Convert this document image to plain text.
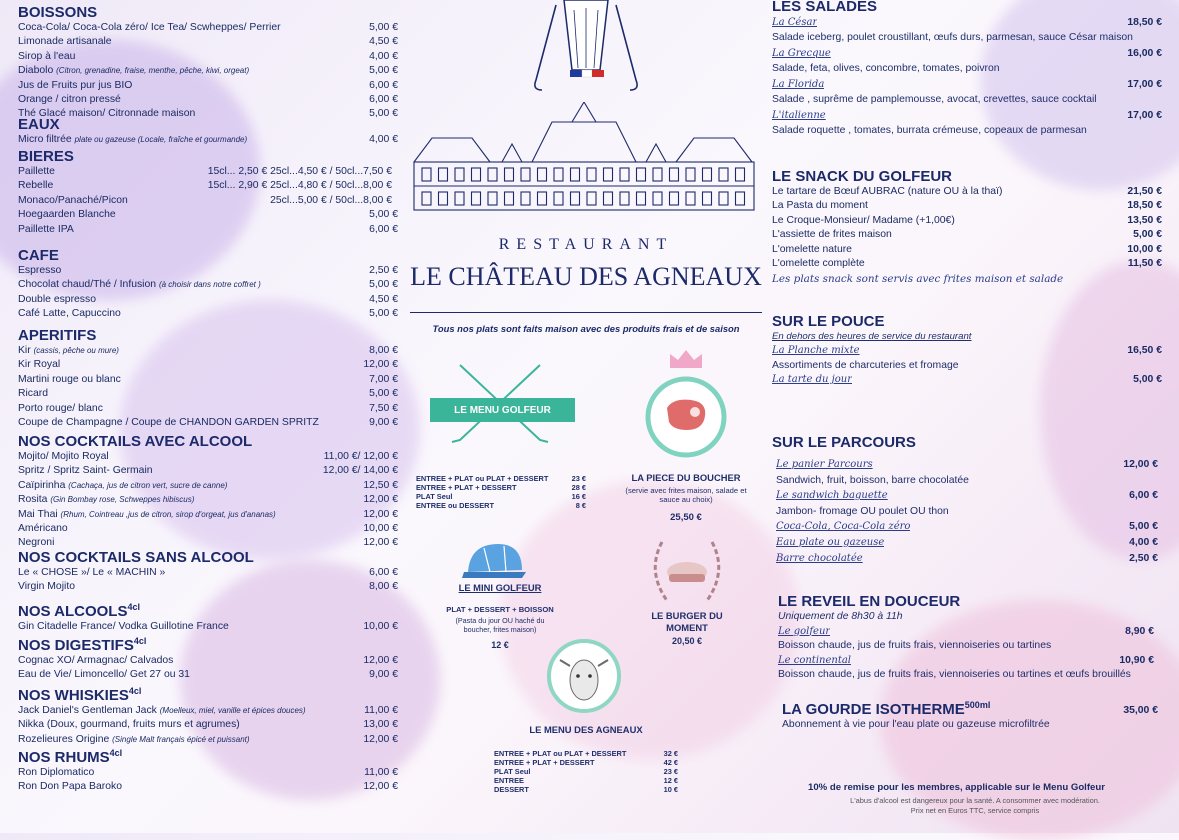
BOISSONS
Coca-Cola/ Coca-Cola zéro/ Ice Tea/ Scwheppes/ Perrier	5,00 €
Limonade artisanale	4,50 €
Sirop à l'eau	4,00 €
Diabolo (Citron, grenadine, fraise, menthe, pêche, kiwi, orgeat)	5,00 €
Jus de Fruits pur jus BIO	6,00 €
Orange / citron pressé	6,00 €
Thé Glacé maison/ Citronnade maison	5,00 €
EAUX
Micro filtrée plate ou gazeuse (Locale, fraîche et gourmande)	4,00 €
BIERES
Paillette	15cl... 2,50 € 25cl...4,50 € / 50cl...7,50 €
Rebelle	15cl... 2,90 € 25cl...4,80 € / 50cl...8,00 €
Monaco/Panaché/Picon	25cl...5,00 € / 50cl...8,00 €
Hoegaarden Blanche	5,00 €
Paillette IPA	6,00 €
CAFE
Espresso	2,50 €
Chocolat chaud/Thé / Infusion (à choisir dans notre coffret )	5,00 €
Double espresso	4,50 €
Café Latte, Capuccino	5,00 €
APERITIFS
Kir (cassis, pêche ou mure)	8,00 €
Kir Royal	12,00 €
Martini rouge ou blanc	7,00 €
Ricard	5,00 €
Porto rouge/ blanc	7,50 €
Coupe de Champagne / Coupe de CHANDON GARDEN SPRITZ	9,00 €
NOS COCKTAILS AVEC ALCOOL
Mojito/ Mojito Royal	11,00 €/ 12,00 €
Spritz / Spritz Saint- Germain	12,00 €/ 14,00 €
Caïpirinha (Cachaça, jus de citron vert, sucre de canne)	12,50 €
Rosita (Gin Bombay rose, Schweppes hibiscus)	12,00 €
Mai Thai (Rhum, Cointreau ,jus de citron, sirop d'orgeat, jus d'ananas)	12,00 €
Américano	10,00 €
Negroni	12,00 €
NOS COCKTAILS SANS ALCOOL
Le « CHOSE »/ Le « MACHIN »	6,00 €
Virgin Mojito	8,00 €
NOS $ALCOOLS^{4cl}$
Gin Citadelle France/ Vodka Guillotine France	10,00 €
NOS $DIGESTIFS^{4cl}$
Cognac XO/ Armagnac/ Calvados	12,00 €
Eau de Vie/ Limoncello/ Get 27 ou 31	9,00 €
NOS $WHISKIES^{4cl}$
Jack Daniel's Gentleman Jack (Moelleux, miel, vanille et épices douces)	11,00 €
Nikka (Doux, gourmand, fruits murs et agrumes)	13,00 €
Rozelieures Origine (Single Malt français épicé et puissant)	12,00 €
NOS $RHUMS^{4cl}$
Ron Diplomatico	11,00 €
Ron Don Papa Baroko	12,00 €
RESTAURANT
LE CHÂTEAU DES AGNEAUX
Tous nos plats sont faits maison avec des produits frais et de saison
LE MENU GOLFEUR
ENTREE + PLAT ou PLAT + DESSERT	23 €
ENTREE + PLAT + DESSERT	28 €
PLAT Seul	16 €
ENTREE ou DESSERT	8 €
LA PIECE DU BOUCHER
(servie avec frites maison, salade et sauce au choix)
25,50 €
LE MINI GOLFEUR
PLAT + DESSERT + BOISSON
(Pasta du jour OU haché du boucher, frites maison)
12 €
LE BURGER DU MOMENT
20,50 €
LE MENU DES AGNEAUX
ENTREE + PLAT ou PLAT + DESSERT	32 €
ENTREE + PLAT + DESSERT	42 €
PLAT Seul	23 €
ENTREE	12 €
DESSERT	10 €
LES SALADES
La César	18,50 €
Salade iceberg, poulet croustillant, œufs durs, parmesan, sauce César maison
La Grecque	16,00 €
Salade, feta, olives, concombre, tomates, poivron
La Florida	17,00 €
Salade , suprême de pamplemousse, avocat, crevettes, sauce cocktail
L'italienne	17,00 €
Salade roquette , tomates, burrata crémeuse, copeaux de parmesan
LE SNACK DU GOLFEUR
Le tartare de Bœuf AUBRAC (nature OU à la thaï)	21,50 €
La Pasta du moment	18,50 €
Le Croque-Monsieur/ Madame (+1,00€)	13,50 €
L'assiette de frites maison	5,00 €
L'omelette nature	10,00 €
L'omelette complète	11,50 €
Les plats snack sont servis avec frites maison et salade
SUR LE POUCE
En dehors des heures de service du restaurant
La Planche mixte	16,50 €
Assortiments de charcuteries et fromage
La tarte du jour	5,00 €
SUR LE PARCOURS
Le panier Parcours	12,00 €
Sandwich, fruit, boisson, barre chocolatée
Le sandwich baguette	6,00 €
Jambon- fromage OU poulet OU thon
Coca-Cola, Coca-Cola zéro	5,00 €
Eau plate ou gazeuse	4,00 €
Barre chocolatée	2,50 €
LE REVEIL EN DOUCEUR
Uniquement de 8h30 à 11h
Le golfeur	8,90 €
Boisson chaude, jus de fruits frais, viennoiseries ou tartines
Le continental	10,90 €
Boisson chaude, jus de fruits frais, viennoiseries ou tartines et œufs brouillés
LA GOURDE $ISOTHERME^{500ml}$	35,00 €
Abonnement à vie pour l'eau plate ou gazeuse microfiltrée
10% de remise pour les membres, applicable sur le Menu Golfeur
L'abus d'alcool est dangereux pour la santé. A consommer avec modération.
Prix net en Euros TTC, service compris
